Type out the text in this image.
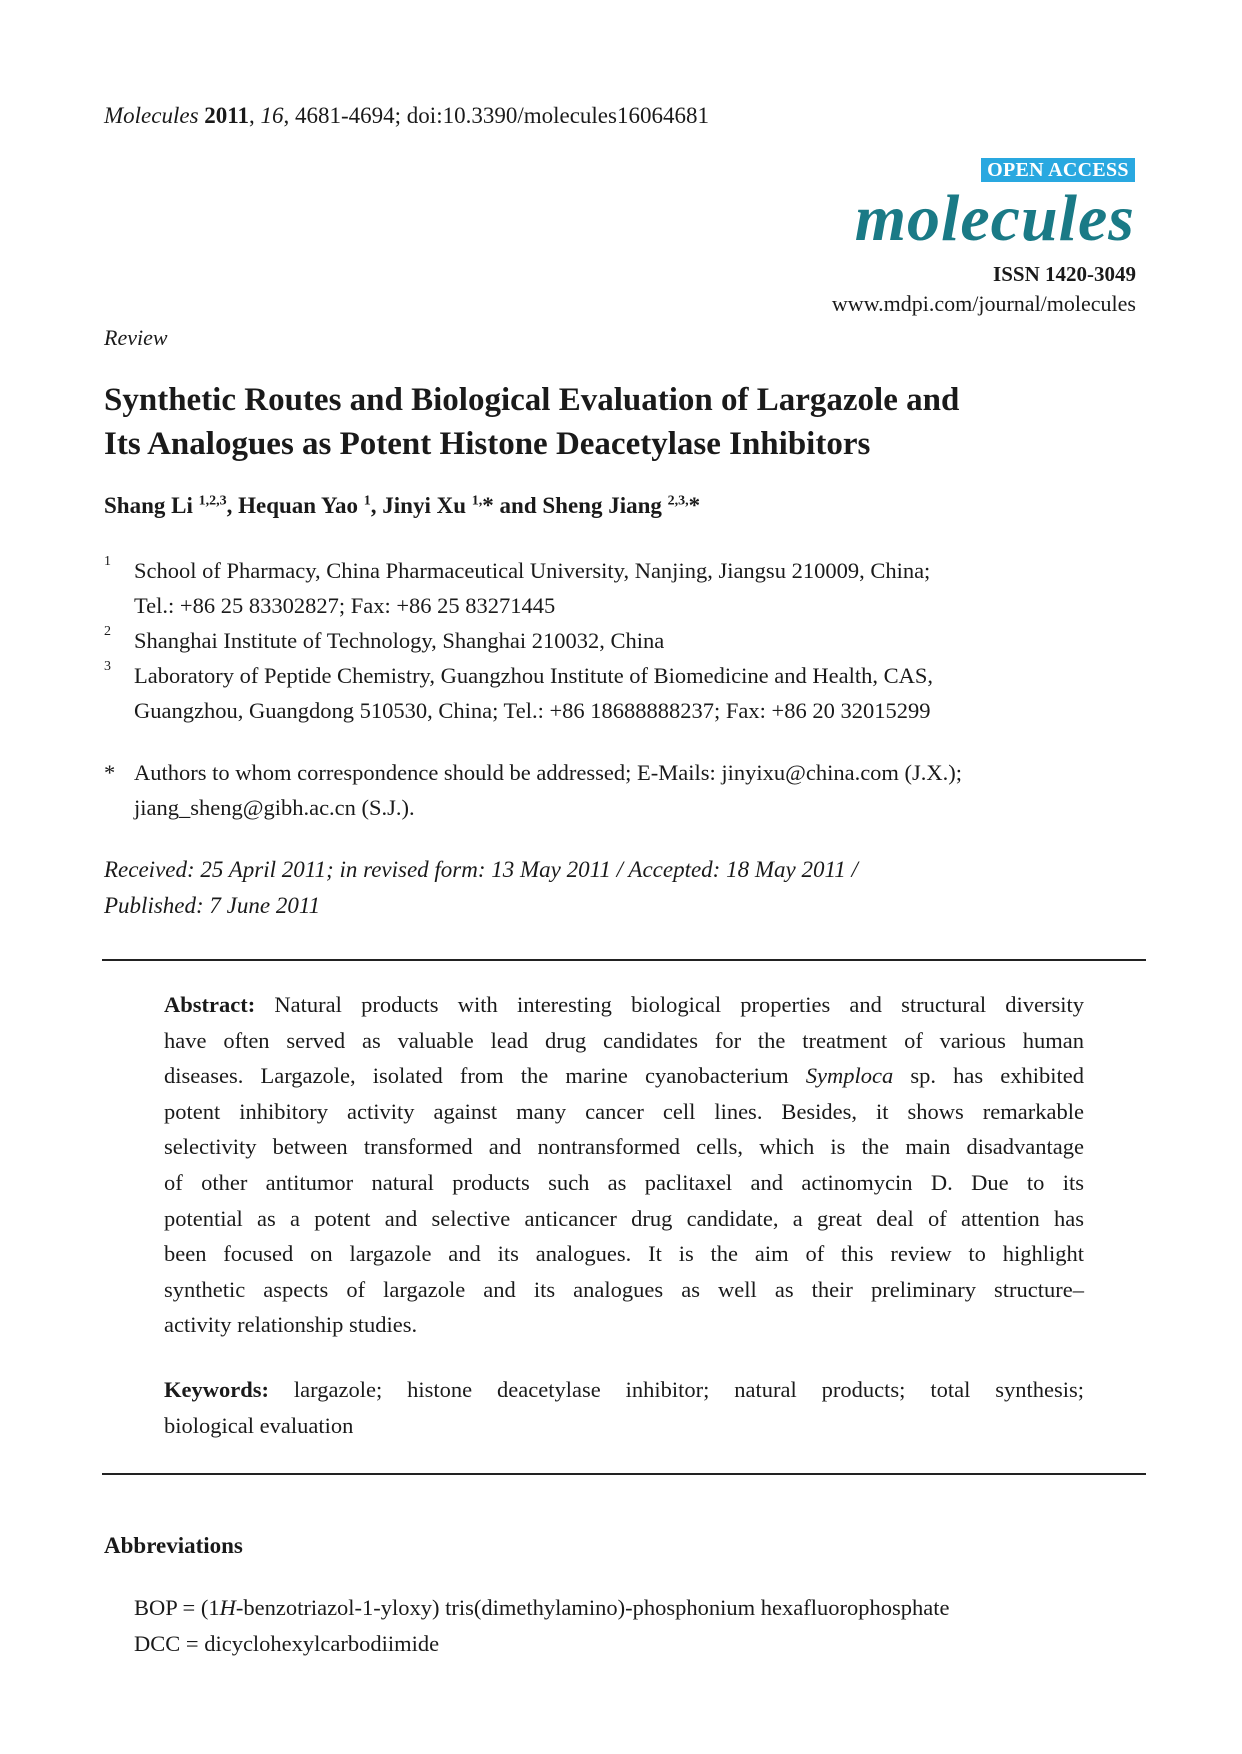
Molecules 2011, 16, 4681-4694; doi:10.3390/molecules16064681
OPEN ACCESS
molecules
ISSN 1420-3049
www.mdpi.com/journal/molecules
Review
Synthetic Routes and Biological Evaluation of Largazole and
Its Analogues as Potent Histone Deacetylase Inhibitors
Shang Li $^{1,2,3}$, Hequan Yao $^1$, Jinyi Xu $^{1,}$* and Sheng Jiang $^{2,3,}$*
1 School of Pharmacy, China Pharmaceutical University, Nanjing, Jiangsu 210009, China;
Tel.: +86 25 83302827; Fax: +86 25 83271445
2 Shanghai Institute of Technology, Shanghai 210032, China
3 Laboratory of Peptide Chemistry, Guangzhou Institute of Biomedicine and Health, CAS,
Guangzhou, Guangdong 510530, China; Tel.: +86 18688888237; Fax: +86 20 32015299
* Authors to whom correspondence should be addressed; E-Mails: jinyixu@china.com (J.X.);
jiang_sheng@gibh.ac.cn (S.J.).
Received: 25 April 2011; in revised form: 13 May 2011 / Accepted: 18 May 2011 /
Published: 7 June 2011
Abstract: Natural products with interesting biological properties and structural diversity
have often served as valuable lead drug candidates for the treatment of various human
diseases. Largazole, isolated from the marine cyanobacterium Symploca sp. has exhibited
potent inhibitory activity against many cancer cell lines. Besides, it shows remarkable
selectivity between transformed and nontransformed cells, which is the main disadvantage
of other antitumor natural products such as paclitaxel and actinomycin D. Due to its
potential as a potent and selective anticancer drug candidate, a great deal of attention has
been focused on largazole and its analogues. It is the aim of this review to highlight
synthetic aspects of largazole and its analogues as well as their preliminary structure–
activity relationship studies.
Keywords: largazole; histone deacetylase inhibitor; natural products; total synthesis;
biological evaluation
Abbreviations
BOP = (1H-benzotriazol-1-yloxy) tris(dimethylamino)-phosphonium hexafluorophosphate
DCC = dicyclohexylcarbodiimide
